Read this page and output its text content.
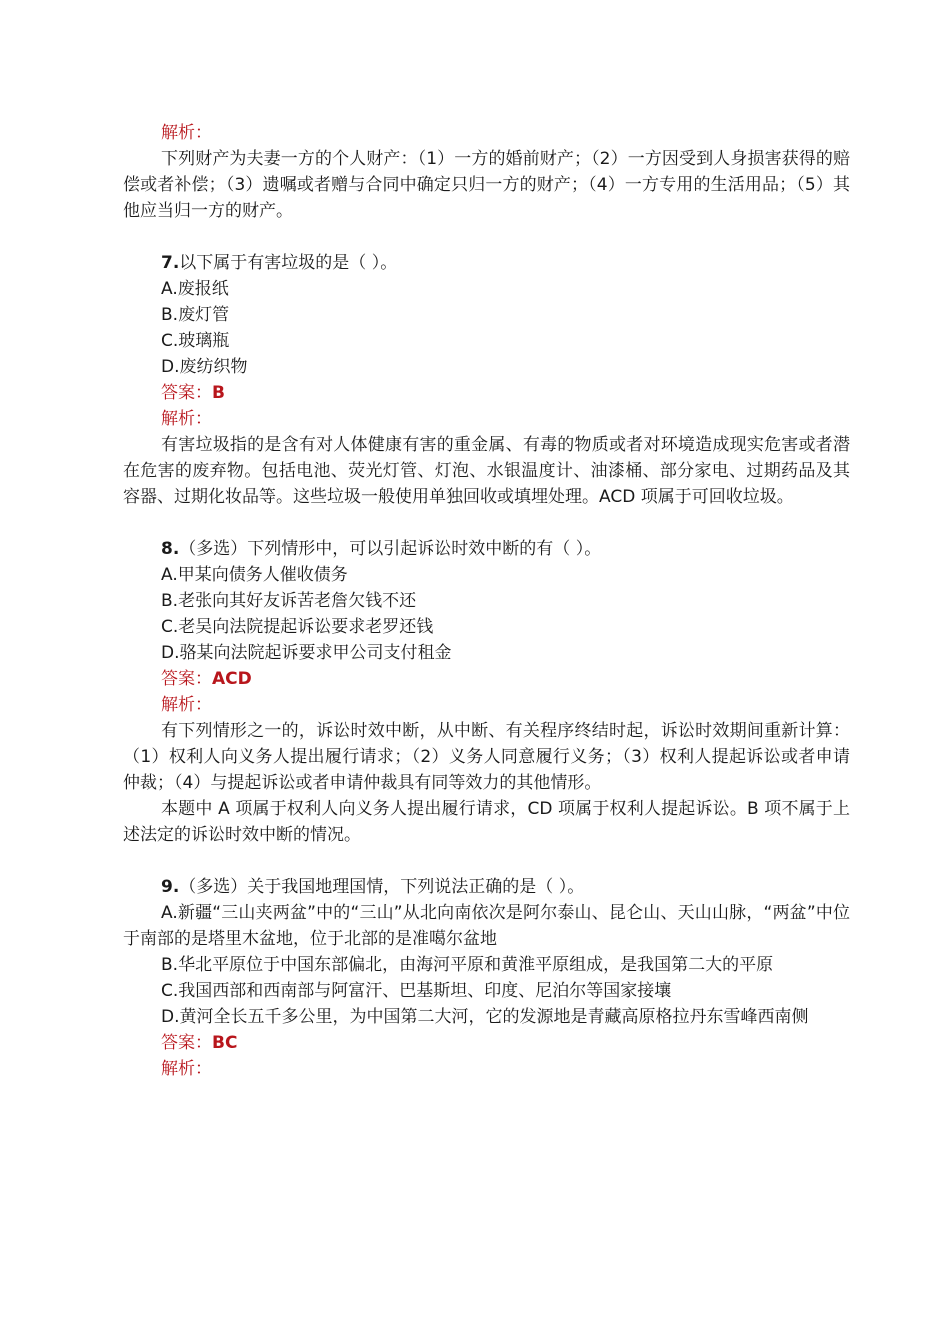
解析：

下列财产为夫妻一方的个人财产：（1）一方的婚前财产；（2）一方因受到人身损害获得的赔偿或者补偿；（3）遗嘱或者赠与合同中确定只归一方的财产；（4）一方专用的生活用品；（5）其他应当归一方的财产。

7.以下属于有害垃圾的是（ ）。

A.废报纸

B.废灯管

C.玻璃瓶

D.废纺织物

答案：B

解析：

有害垃圾指的是含有对人体健康有害的重金属、有毒的物质或者对环境造成现实危害或者潜在危害的废弃物。包括电池、荧光灯管、灯泡、水银温度计、油漆桶、部分家电、过期药品及其容器、过期化妆品等。这些垃圾一般使用单独回收或填埋处理。ACD 项属于可回收垃圾。

8.（多选）下列情形中，可以引起诉讼时效中断的有（ ）。

A.甲某向债务人催收债务

B.老张向其好友诉苦老詹欠钱不还

C.老吴向法院提起诉讼要求老罗还钱

D.骆某向法院起诉要求甲公司支付租金

答案：ACD

解析：

有下列情形之一的，诉讼时效中断，从中断、有关程序终结时起，诉讼时效期间重新计算：（1）权利人向义务人提出履行请求；（2）义务人同意履行义务；（3）权利人提起诉讼或者申请仲裁；（4）与提起诉讼或者申请仲裁具有同等效力的其他情形。

本题中 A 项属于权利人向义务人提出履行请求，CD 项属于权利人提起诉讼。B 项不属于上述法定的诉讼时效中断的情况。

9.（多选）关于我国地理国情，下列说法正确的是（ ）。

A.新疆“三山夹两盆”中的“三山”从北向南依次是阿尔泰山、昆仑山、天山山脉，“两盆”中位于南部的是塔里木盆地，位于北部的是准噶尔盆地

B.华北平原位于中国东部偏北，由海河平原和黄淮平原组成，是我国第二大的平原

C.我国西部和西南部与阿富汗、巴基斯坦、印度、尼泊尔等国家接壤

D.黄河全长五千多公里，为中国第二大河，它的发源地是青藏高原格拉丹东雪峰西南侧

答案：BC

解析：
